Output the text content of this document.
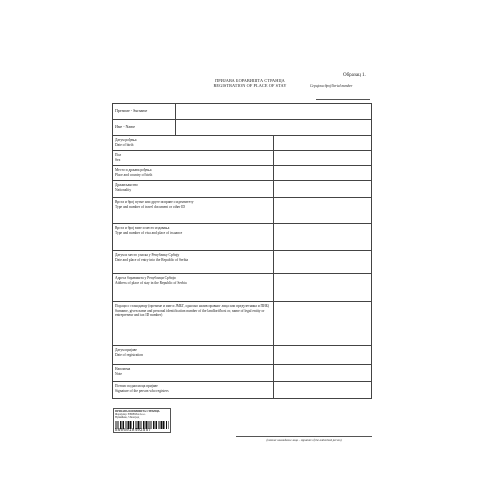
Образац 1.
ПРИЈАВА БОРАВИШТА СТРАНЦА
REGISTRATION OF PLACE OF STAY	Серијски број/Serial number
Презиме - Surname		
Име - Name		

Датум рођења
Date of birth		

Пол
Sex		

Место и држава рођења
Place and country of birth		

Држављанство
Nationality		

Врста и број путне или друге исправе о идентитету
Type and number of travel document or other ID		

Врста и број визе и место издавања
Type and number of visa and place of issuance		

Датум и место уласка у Републику Србију
Date and place of entry into the Republic of Serbia		

Адреса боравишта у Републици Србији
Address of place of stay in the Republic of Serbia		

Подаци о станодавцу (презиме и име и ЈМБГ, односно назив правног лица или предузетника и ПИБ)
Surname, given name and personal identification number of the landlord/host or, name of legal entity or entrepreneur and tax ID number)		

Датум пријаве
Date of registration		

Напомена
Note		

Потпис подносиоца пријаве
Signature of the person who registers		

ПРИЈАВА БОРАВИШТА СТРАНЦА
Формулар: EPREMA d.o.o.
Нушићева, 5 Београд
8606019492557
(потпис овлашћеног лица – signature of the authorized person)
